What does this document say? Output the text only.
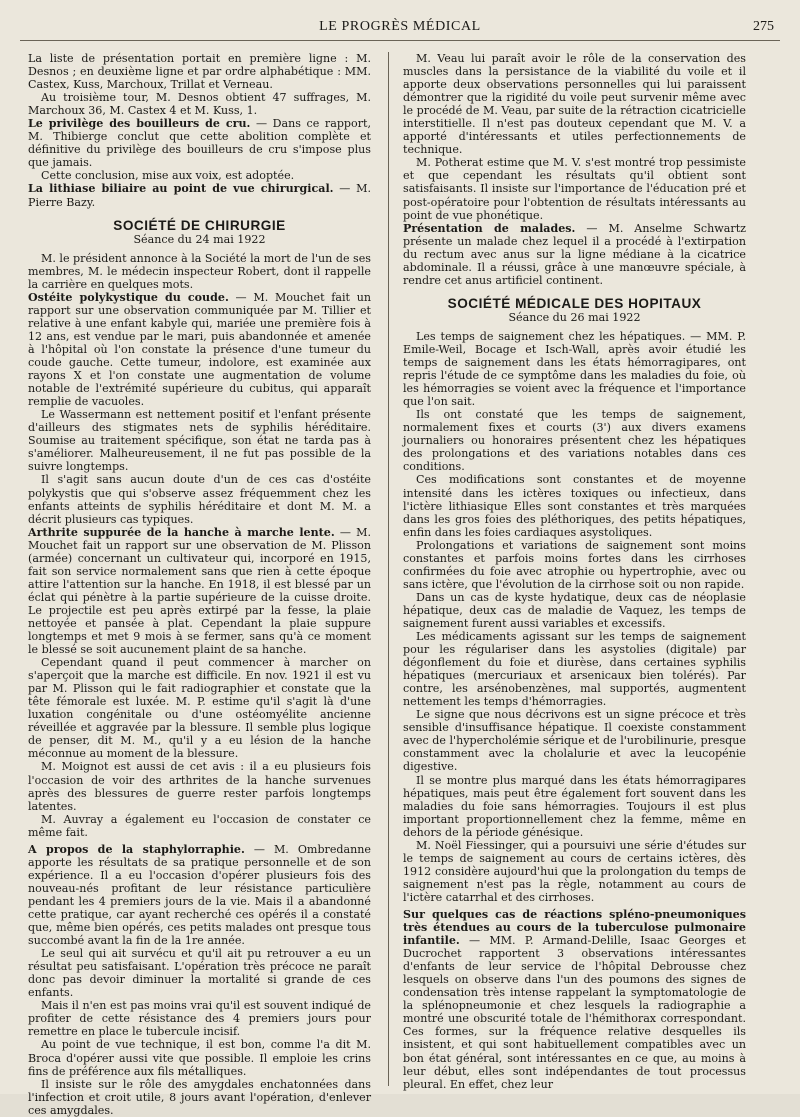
LE PROGRÈS MÉDICAL	275

La liste de présentation portait en première ligne : M. Desnos ; en deuxième ligne et par ordre alphabétique : MM. Castex, Kuss, Marchoux, Trillat et Verneau.

Au troisième tour, M. Desnos obtient 47 suffrages, M. Marchoux 36, M. Castex 4 et M. Kuss, 1.

Le privilège des bouilleurs de cru. — Dans ce rapport, M. Thibierge conclut que cette abolition complète et définitive du privilège des bouilleurs de cru s'impose plus que jamais.

Cette conclusion, mise aux voix, est adoptée.

La lithiase biliaire au point de vue chirurgical. — M. Pierre Bazy.

SOCIÉTÉ DE CHIRURGIE
Séance du 24 mai 1922

M. le président annonce à la Société la mort de l'un de ses membres, M. le médecin inspecteur Robert, dont il rappelle la carrière en quelques mots.

Ostéite polykystique du coude. — M. Mouchet fait un rapport sur une observation communiquée par M. Tillier et relative à une enfant kabyle qui, mariée une première fois à 12 ans, est vendue par le mari, puis abandonnée et amenée à l'hôpital où l'on constate la présence d'une tumeur du coude gauche. Cette tumeur, indolore, est examinée aux rayons X et l'on constate une augmentation de volume notable de l'extrémité supérieure du cubitus, qui apparaît remplie de vacuoles.

Le Wassermann est nettement positif et l'enfant présente d'ailleurs des stigmates nets de syphilis héréditaire. Soumise au traitement spécifique, son état ne tarda pas à s'améliorer. Malheureusement, il ne fut pas possible de la suivre longtemps.

Il s'agit sans aucun doute d'un de ces cas d'ostéite polykystis que qui s'observe assez fréquemment chez les enfants atteints de syphilis héréditaire et dont M. M. a décrit plusieurs cas typiques.

Arthrite suppurée de la hanche à marche lente. — M. Mouchet fait un rapport sur une observation de M. Plisson (armée) concernant un cultivateur qui, incorporé en 1915, fait son service normalement sans que rien à cette époque attire l'attention sur la hanche. En 1918, il est blessé par un éclat qui pénètre à la partie supérieure de la cuisse droite. Le projectile est peu après extirpé par la fesse, la plaie nettoyée et pansée à plat. Cependant la plaie suppure longtemps et met 9 mois à se fermer, sans qu'à ce moment le blessé se soit aucunement plaint de sa hanche.

Cependant quand il peut commencer à marcher on s'aperçoit que la marche est difficile. En nov. 1921 il est vu par M. Plisson qui le fait radiographier et constate que la tête fémorale est luxée. M. P. estime qu'il s'agit là d'une luxation congénitale ou d'une ostéomyélite ancienne réveillée et aggravée par la blessure. Il semble plus logique de penser, dit M. M., qu'il y a eu lésion de la hanche méconnue au moment de la blessure.

M. Moignot est aussi de cet avis : il a eu plusieurs fois l'occasion de voir des arthrites de la hanche survenues après des blessures de guerre rester parfois longtemps latentes.

M. Auvray a également eu l'occasion de constater ce même fait.

A propos de la staphylorraphie. — M. Ombredanne apporte les résultats de sa pratique personnelle et de son expérience. Il a eu l'occasion d'opérer plusieurs fois des nouveau-nés profitant de leur résistance particulière pendant les 4 premiers jours de la vie. Mais il a abandonné cette pratique, car ayant recherché ces opérés il a constaté que, même bien opérés, ces petits malades ont presque tous succombé avant la fin de la 1re année.

Le seul qui ait survécu et qu'il ait pu retrouver a eu un résultat peu satisfaisant. L'opération très précoce ne paraît donc pas devoir diminuer la mortalité si grande de ces enfants.

Mais il n'en est pas moins vrai qu'il est souvent indiqué de profiter de cette résistance des 4 premiers jours pour remettre en place le tubercule incisif.

Au point de vue technique, il est bon, comme l'a dit M. Broca d'opérer aussi vite que possible. Il emploie les crins fins de préférence aux fils métalliques.

Il insiste sur le rôle des amygdales enchatonnées dans l'infection et croit utile, 8 jours avant l'opération, d'enlever ces amygdales.

M. Veau lui paraît avoir le rôle de la conservation des muscles dans la persistance de la viabilité du voile et il apporte deux observations personnelles qui lui paraissent démontrer que la rigidité du voile peut survenir même avec le procédé de M. Veau, par suite de la rétraction cicatricielle interstitielle. Il n'est pas douteux cependant que M. V. a apporté d'intéressants et utiles perfectionnements de technique.

M. Potherat estime que M. V. s'est montré trop pessimiste et que cependant les résultats qu'il obtient sont satisfaisants. Il insiste sur l'importance de l'éducation pré et post-opératoire pour l'obtention de résultats intéressants au point de vue phonétique.

Présentation de malades. — M. Anselme Schwartz présente un malade chez lequel il a procédé à l'extirpation du rectum avec anus sur la ligne médiane à la cicatrice abdominale. Il a réussi, grâce à une manœuvre spéciale, à rendre cet anus artificiel continent.

SOCIÉTÉ MÉDICALE DES HOPITAUX
Séance du 26 mai 1922

Les temps de saignement chez les hépatiques. — MM. P. Emile-Weil, Bocage et Isch-Wall, après avoir étudié les temps de saignement dans les états hémorragipares, ont repris l'étude de ce symptôme dans les maladies du foie, où les hémorragies se voient avec la fréquence et l'importance que l'on sait.

Ils ont constaté que les temps de saignement, normalement fixes et courts (3') aux divers examens journaliers ou honoraires présentent chez les hépatiques des prolongations et des variations notables dans ces conditions.

Ces modifications sont constantes et de moyenne intensité dans les ictères toxiques ou infectieux, dans l'ictère lithiasique Elles sont constantes et très marquées dans les gros foies des pléthoriques, des petits hépatiques, enfin dans les foies cardiaques asystoliques.

Prolongations et variations de saignement sont moins constantes et parfois moins fortes dans les cirrhoses confirmées du foie avec atrophie ou hypertrophie, avec ou sans ictère, que l'évolution de la cirrhose soit ou non rapide.

Dans un cas de kyste hydatique, deux cas de néoplasie hépatique, deux cas de maladie de Vaquez, les temps de saignement furent aussi variables et excessifs.

Les médicaments agissant sur les temps de saignement pour les régulariser dans les asystolies (digitale) par dégonflement du foie et diurèse, dans certaines syphilis hépatiques (mercuriaux et arsenicaux bien tolérés). Par contre, les arsénobenzènes, mal supportés, augmentent nettement les temps d'hémorragies.

Le signe que nous décrivons est un signe précoce et très sensible d'insuffisance hépatique. Il coexiste constamment avec de l'hypercholémie sérique et de l'urobilinurie, presque constamment avec la cholalurie et avec la leucopénie digestive.

Il se montre plus marqué dans les états hémorragipares hépatiques, mais peut être également fort souvent dans les maladies du foie sans hémorragies. Toujours il est plus important proportionnellement chez la femme, même en dehors de la période génésique.

M. Noël Fiessinger, qui a poursuivi une série d'études sur le temps de saignement au cours de certains ictères, dès 1912 considère aujourd'hui que la prolongation du temps de saignement n'est pas la règle, notamment au cours de l'ictère catarrhal et des cirrhoses.

Sur quelques cas de réactions spléno-pneumoniques très étendues au cours de la tuberculose pulmonaire infantile. — MM. P. Armand-Delille, Isaac Georges et Ducrochet rapportent 3 observations intéressantes d'enfants de leur service de l'hôpital Debrousse chez lesquels on observe dans l'un des poumons des signes de condensation très intense rappelant la symptomatologie de la splénopneumonie et chez lesquels la radiographie a montré une obscurité totale de l'hémithorax correspondant. Ces formes, sur la fréquence relative desquelles ils insistent, et qui sont habituellement compatibles avec un bon état général, sont intéressantes en ce que, au moins à leur début, elles sont indépendantes de tout processus pleural. En effet, chez leur
